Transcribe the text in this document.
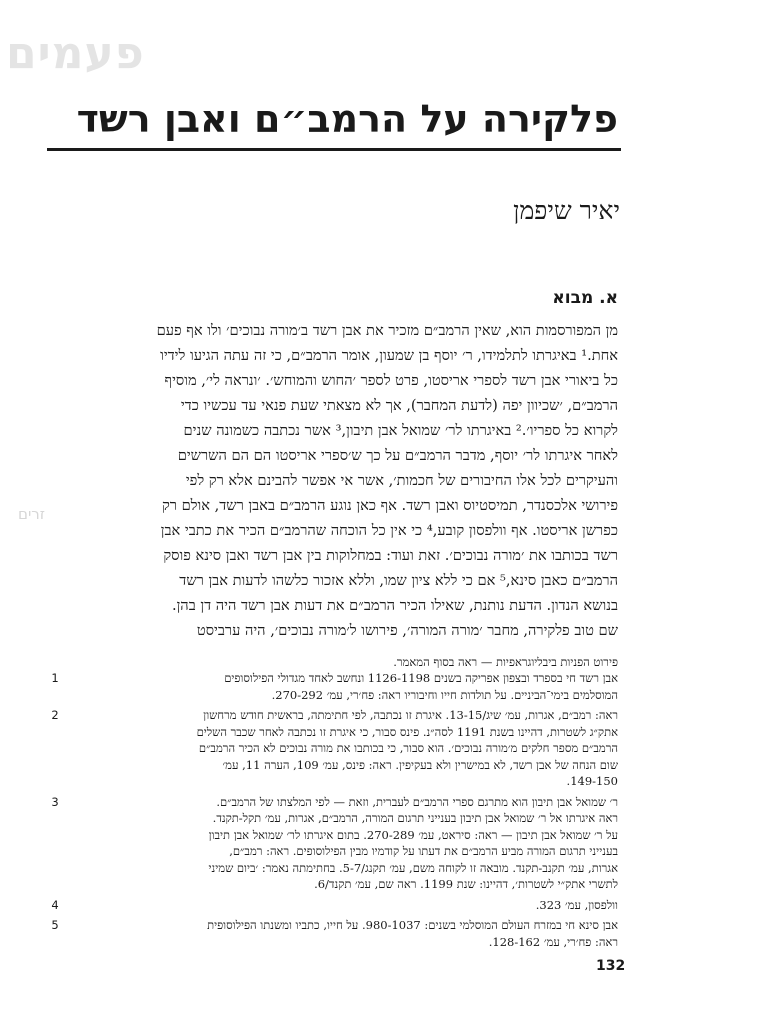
פעמים
זרים
פלקירה על הרמב״ם ואבן רשד
יאיר שיפמן
א. מבוא
מן המפורסמות הוא, שאין הרמב״ם מזכיר את אבן רשד ב׳מורה נבוכים׳ ולו אף פעם
אחת.¹ באיגרתו לתלמידו, ר׳ יוסף בן שמעון, אומר הרמב״ם, כי זה עתה הגיעו לידיו
כל ביאורי אבן רשד לספרי אריסטו, פרט לספר ׳החוש והמוחש׳. ׳ונראה לי׳, מוסיף
הרמב״ם, ׳שכיוון יפה (לדעת המחבר), אך לא מצאתי שעת פנאי עד עכשיו כדי
לקרוא כל ספריו׳.² באיגרתו לר׳ שמואל אבן תיבון,³ אשר נכתבה כשמונה שנים
לאחר איגרתו לר׳ יוסף, מדבר הרמב״ם על כך ש׳ספרי אריסטו הם הם השרשים
והעיקרים לכל אלו החיבורים של חכמות׳, אשר אי אפשר להבינם אלא רק לפי
פירושי אלכסנדר, תמיסטיוס ואבן רשד. אף כאן נוגע הרמב״ם באבן רשד, אולם רק
כפרשן אריסטו. אף וולפסון קובע,⁴ כי אין כל הוכחה שהרמב״ם הכיר את כתבי אבן
רשד בכותבו את ׳מורה נבוכים׳. זאת ועוד: במחלוקות בין אבן רשד ואבן סינא פוסק
הרמב״ם כאבן סינא,⁵ אם כי ללא ציון שמו, וללא אזכור כלשהו לדעות אבן רשד
בנושא הנדון. הדעת נותנת, שאילו הכיר הרמב״ם את דעות אבן רשד היה דן בהן.
שם טוב פלקירה, מחבר ׳מורה המורה׳, פירושו ל׳מורה נבוכים׳, היה ערביסט
פירוט הפניות ביבליוגראפיות — ראה בסוף המאמר.
אבן רשד חי בספרד ובצפון אפריקה בשנים 1126-1198 ונחשב לאחד מגדולי הפילוסופים
המוסלמים בימי־הביניים. על תולדות חייו וחיבוריו ראה: פח׳רי, עמ׳ 270-292.
1
ראה: רמב״ם, אגרות, עמ׳ שיג/13-15. איגרת זו נכתבה, לפי חתימתה, בראשית חודש מרחשון
אתק״ג לשטרות, דהיינו בשנת 1191 לסה״נ. פינס סבור, כי איגרת זו נכתבה לאחר שכבר השלים
הרמב״ם מספר חלקים מ׳מורה נבוכים׳. הוא סבור, כי בכותבו את מורה נבוכים לא הכיר הרמב״ם
שום הנחה של אבן רשד, לא במישרין ולא בעקיפין. ראה: פינס, עמ׳ 109, הערה 11, עמ׳
149-150.
2
ר׳ שמואל אבן תיבון הוא מתרגם ספרי הרמב״ם לעברית, וזאת — לפי המלצתו של הרמב״ם.
ראה איגרתו אל ר׳ שמואל אבן תיבון בענייני תרגום המורה, הרמב״ם, אגרות, עמ׳ תקל-תקנד.
על ר׳ שמואל אבן תיבון — ראה: סיראט, עמ׳ 270-289. בתום איגרתו לר׳ שמואל אבן תיבון
בענייני תרגום המורה מביע הרמב״ם את דעתו על קודמיו מבין הפילוסופים. ראה: רמב״ם,
אגרות, עמ׳ תקנב-תקנד. מובאה זו לקוחה משם, עמ׳ תקנג/5-7. בחתימתה נאמר: ׳ביום שמיני
לתשרי אתק״י לשטרות׳, דהיינו: שנת 1199. ראה שם, עמ׳ תקנד/6.
3
וולפסון, עמ׳ 323.
4
אבן סינא חי במזרח העולם המוסלמי בשנים: 980-1037. על חייו, כתביו ומשנתו הפילוסופית
ראה: פח׳רי, עמ׳ 128-162.
5
132
